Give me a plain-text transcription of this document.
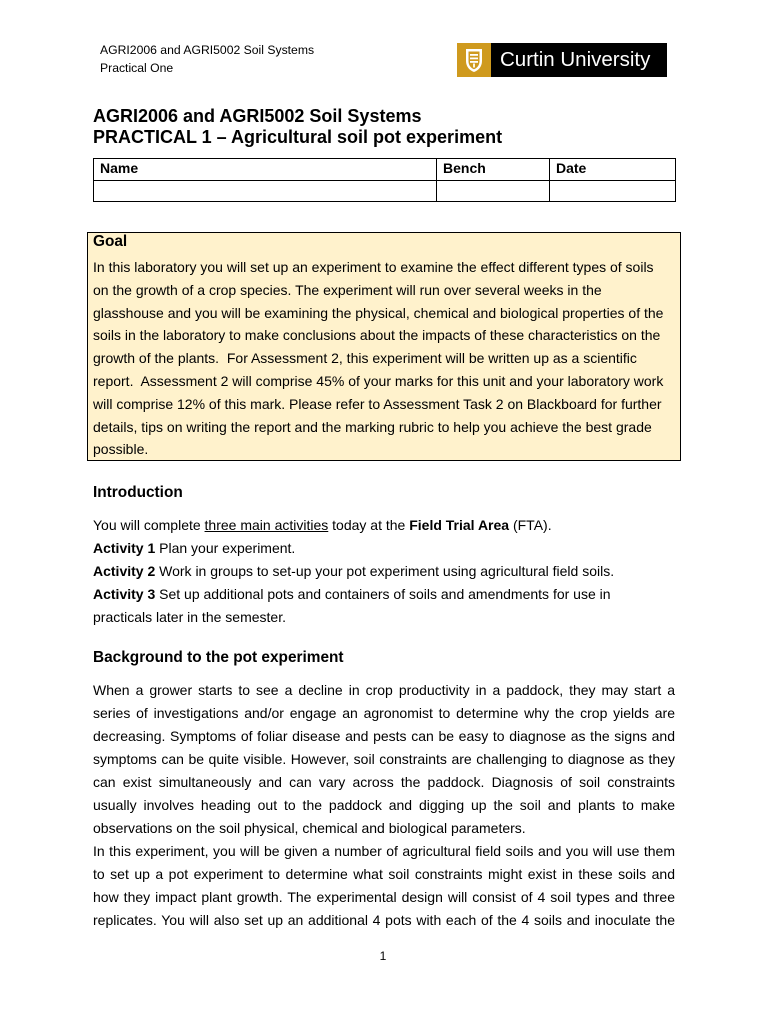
AGRI2006 and AGRI5002 Soil Systems
Practical One	Curtin University
AGRI2006 and AGRI5002 Soil Systems
PRACTICAL 1 – Agricultural soil pot experiment
Name	Bench	Date
Goal
In this laboratory you will set up an experiment to examine the effect different types of soils
on the growth of a crop species. The experiment will run over several weeks in the
glasshouse and you will be examining the physical, chemical and biological properties of the
soils in the laboratory to make conclusions about the impacts of these characteristics on the
growth of the plants.  For Assessment 2, this experiment will be written up as a scientific
report.  Assessment 2 will comprise 45% of your marks for this unit and your laboratory work
will comprise 12% of this mark. Please refer to Assessment Task 2 on Blackboard for further
details, tips on writing the report and the marking rubric to help you achieve the best grade
possible.
Introduction
You will complete three main activities today at the Field Trial Area (FTA).
Activity 1 Plan your experiment.
Activity 2 Work in groups to set-up your pot experiment using agricultural field soils.
Activity 3 Set up additional pots and containers of soils and amendments for use in
practicals later in the semester.
Background to the pot experiment
When a grower starts to see a decline in crop productivity in a paddock, they may start a
series of investigations and/or engage an agronomist to determine why the crop yields are
decreasing. Symptoms of foliar disease and pests can be easy to diagnose as the signs and
symptoms can be quite visible. However, soil constraints are challenging to diagnose as they
can exist simultaneously and can vary across the paddock. Diagnosis of soil constraints
usually involves heading out to the paddock and digging up the soil and plants to make
observations on the soil physical, chemical and biological parameters.
In this experiment, you will be given a number of agricultural field soils and you will use them
to set up a pot experiment to determine what soil constraints might exist in these soils and
how they impact plant growth. The experimental design will consist of 4 soil types and three
replicates. You will also set up an additional 4 pots with each of the 4 soils and inoculate the
1
